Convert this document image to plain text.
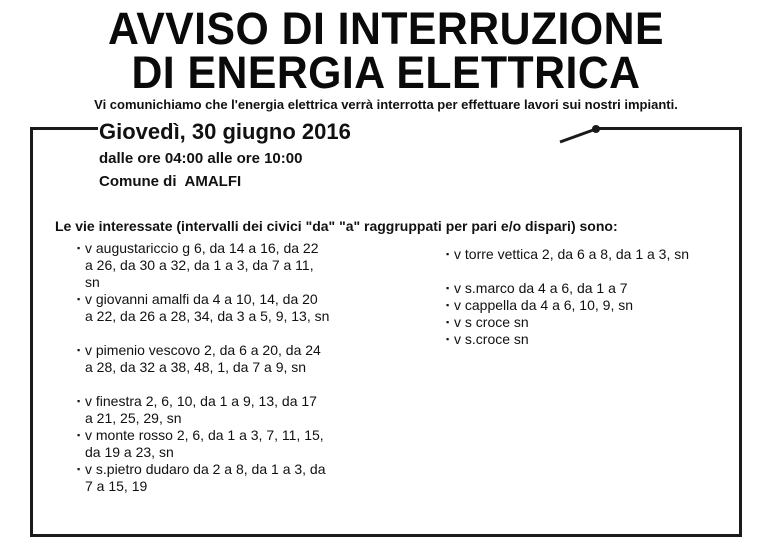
AVVISO DI INTERRUZIONE
DI ENERGIA ELETTRICA
Vi comunichiamo che l'energia elettrica verrà interrotta per effettuare lavori sui nostri impianti.
Giovedì, 30 giugno 2016
dalle ore 04:00 alle ore 10:00
Comune di AMALFI
Le vie interessate (intervalli dei civici "da" "a" raggruppati per pari e/o dispari) sono:
▪ v augustariccio g 6, da 14 a 16, da 22
a 26, da 30 a 32, da 1 a 3, da 7 a 11,
sn
▪ v giovanni amalfi da 4 a 10, 14, da 20
a 22, da 26 a 28, 34, da 3 a 5, 9, 13, sn
▪ v pimenio vescovo 2, da 6 a 20, da 24
a 28, da 32 a 38, 48, 1, da 7 a 9, sn
▪ v finestra 2, 6, 10, da 1 a 9, 13, da 17
a 21, 25, 29, sn
▪ v monte rosso 2, 6, da 1 a 3, 7, 11, 15,
da 19 a 23, sn
▪ v s.pietro dudaro da 2 a 8, da 1 a 3, da
7 a 15, 19
▪ v torre vettica 2, da 6 a 8, da 1 a 3, sn
▪ v s.marco da 4 a 6, da 1 a 7
▪ v cappella da 4 a 6, 10, 9, sn
▪ v s croce sn
▪ v s.croce sn
